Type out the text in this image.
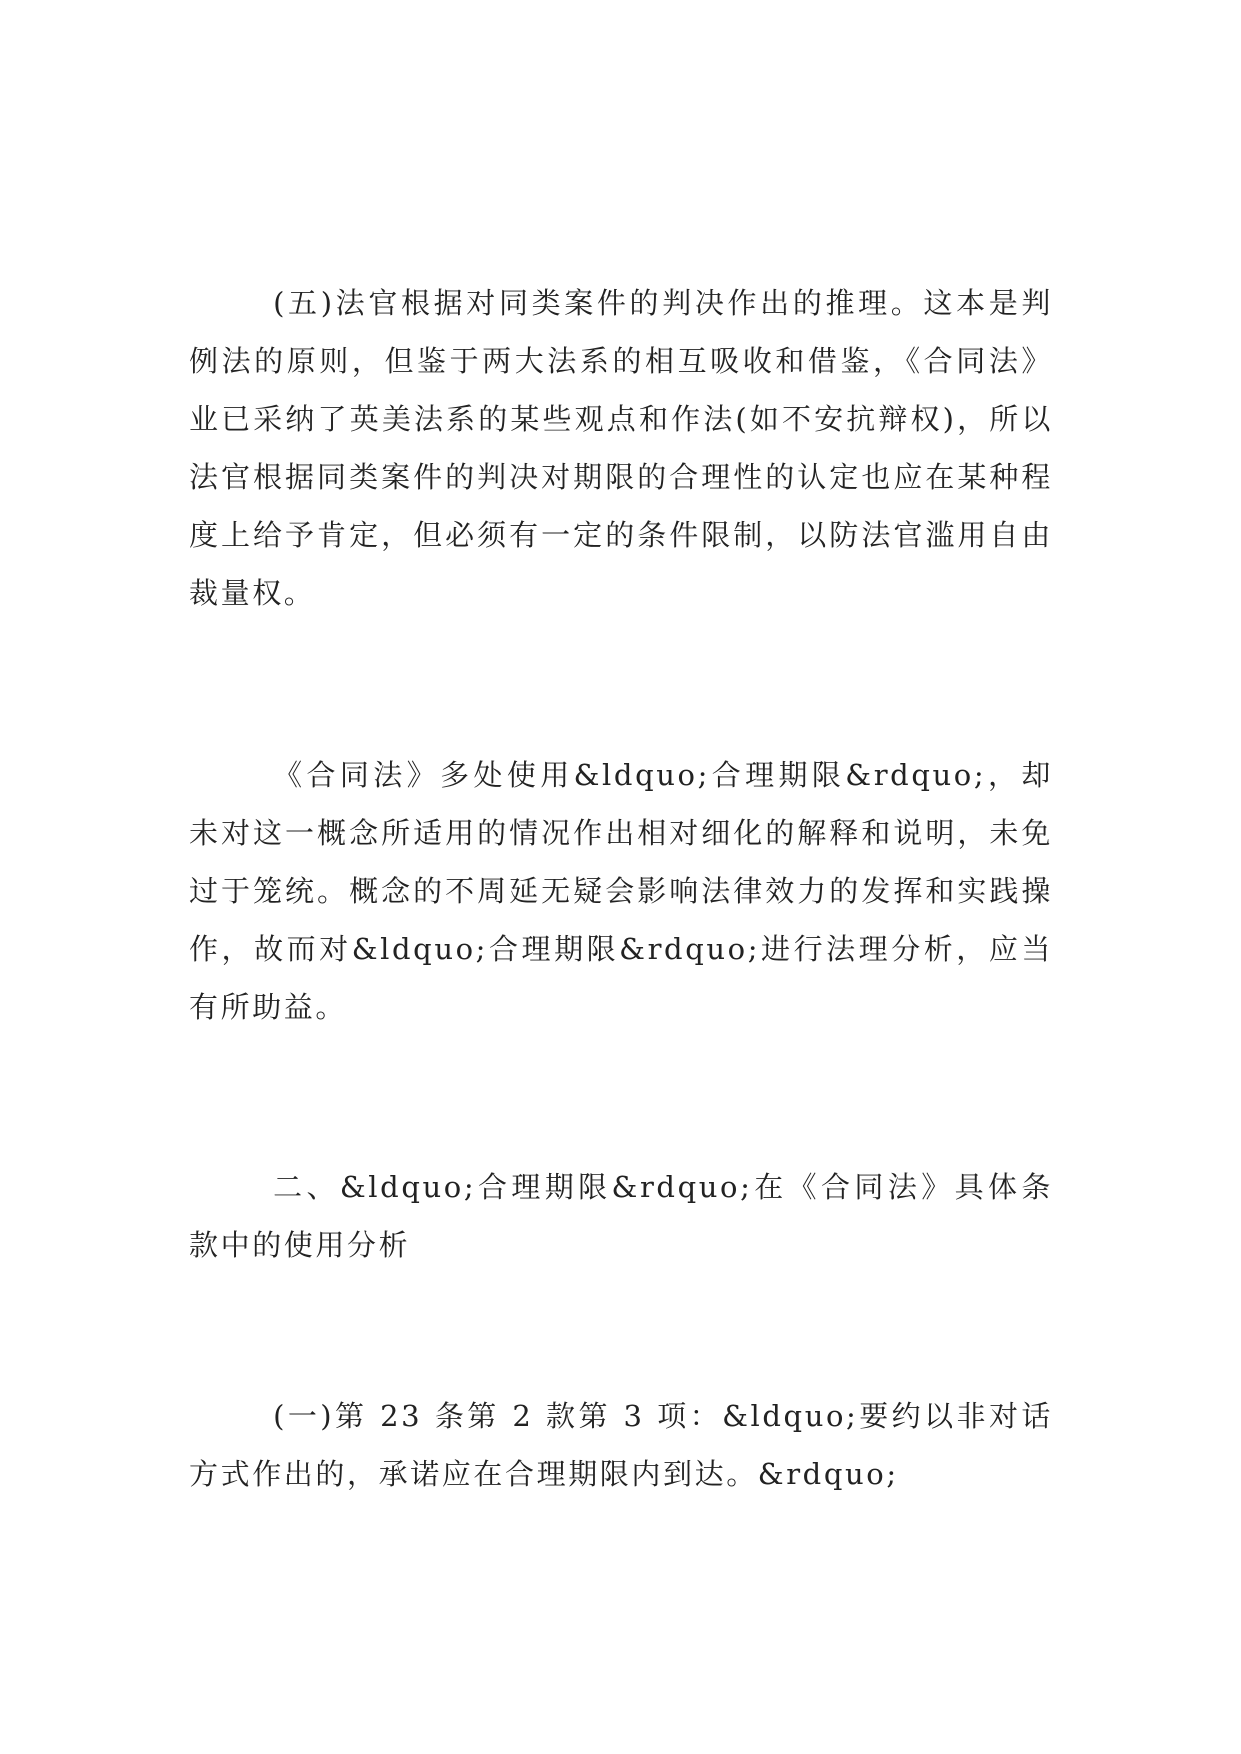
(五)法官根据对同类案件的判决作出的推理。这本是判例法的原则，但鉴于两大法系的相互吸收和借鉴，《合同法》业已采纳了英美法系的某些观点和作法(如不安抗辩权)，所以法官根据同类案件的判决对期限的合理性的认定也应在某种程度上给予肯定，但必须有一定的条件限制，以防法官滥用自由裁量权。

《合同法》多处使用&ldquo;合理期限&rdquo;，却未对这一概念所适用的情况作出相对细化的解释和说明，未免过于笼统。概念的不周延无疑会影响法律效力的发挥和实践操作，故而对&ldquo;合理期限&rdquo;进行法理分析，应当有所助益。

二、&ldquo;合理期限&rdquo;在《合同法》具体条款中的使用分析

(一)第 23 条第 2 款第 3 项：&ldquo;要约以非对话方式作出的，承诺应在合理期限内到达。&rdquo;
